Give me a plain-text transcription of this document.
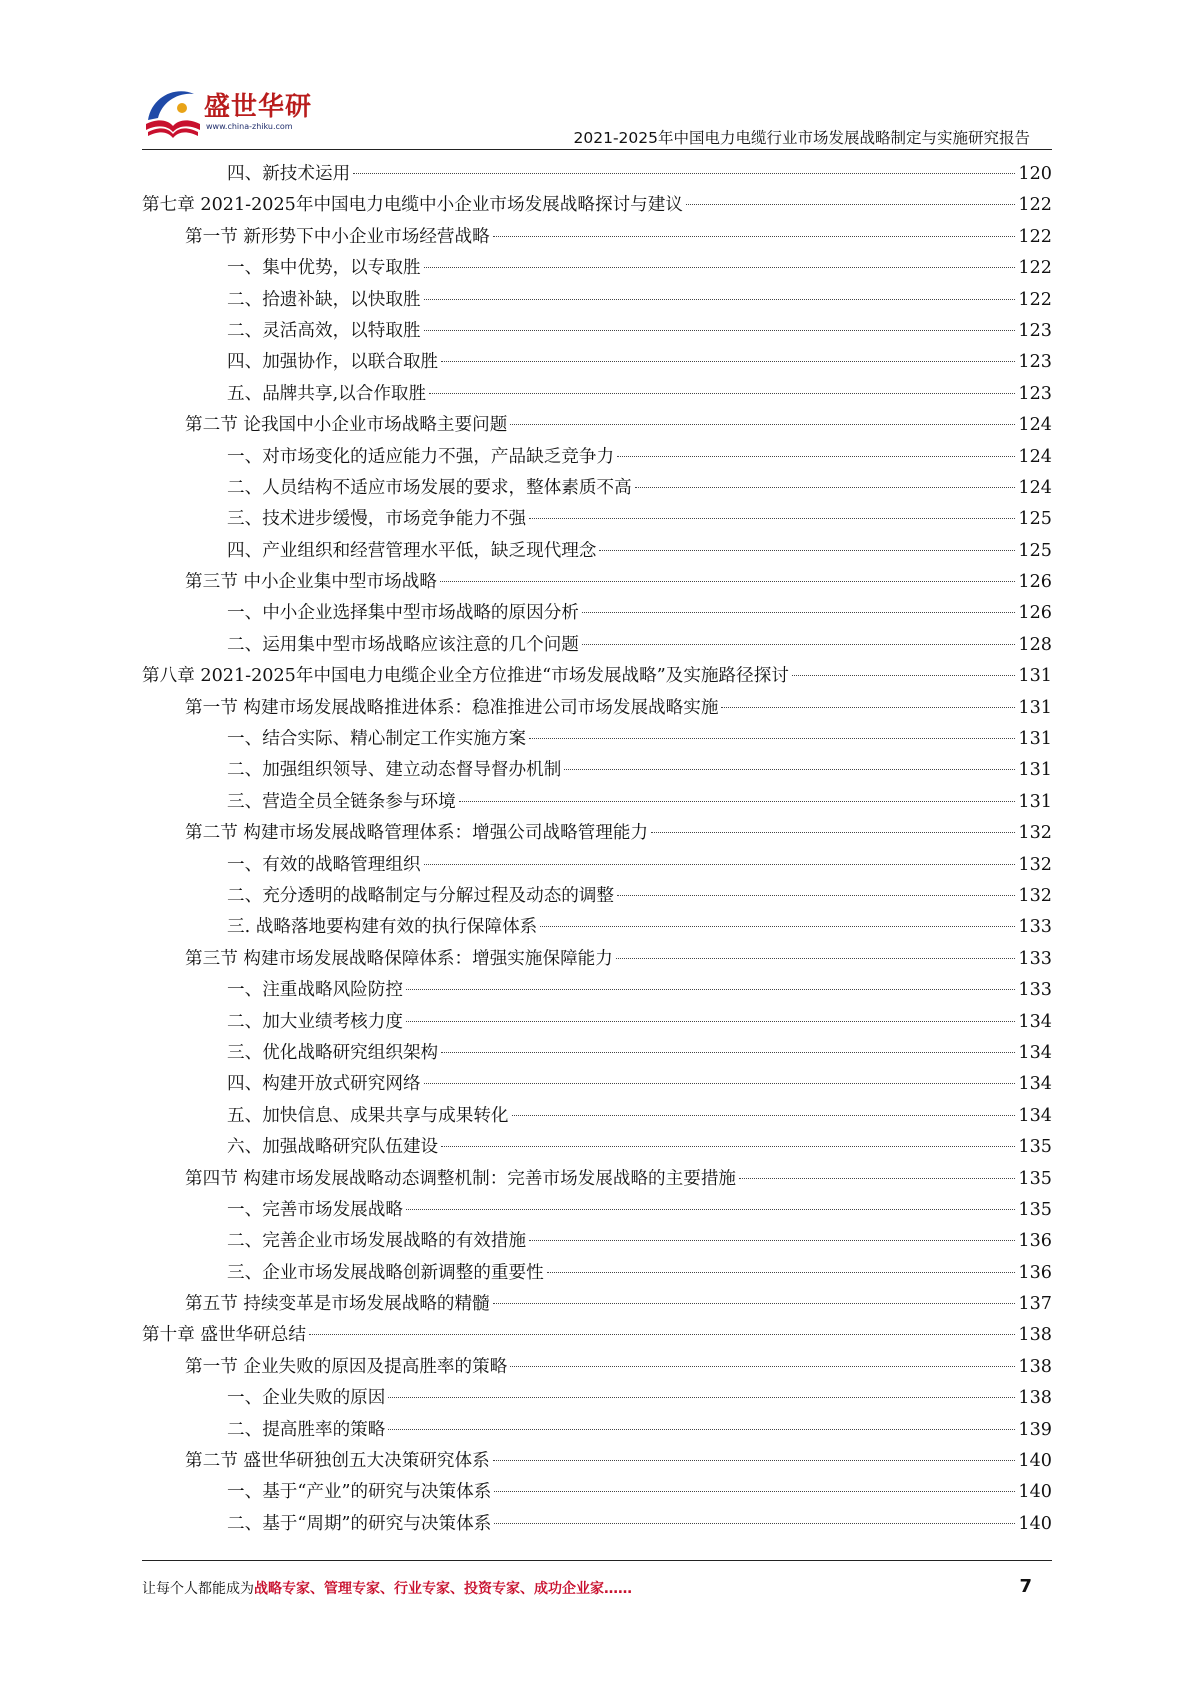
盛世华研
www.china-zhiku.com
2021-2025年中国电力电缆行业市场发展战略制定与实施研究报告
四、新技术运用	120
第七章 2021-2025年中国电力电缆中小企业市场发展战略探讨与建议	122
第一节 新形势下中小企业市场经营战略	122
一、集中优势，以专取胜	122
二、拾遗补缺，以快取胜	122
二、灵活高效，以特取胜	123
四、加强协作，以联合取胜	123
五、品牌共享,以合作取胜	123
第二节 论我国中小企业市场战略主要问题	124
一、对市场变化的适应能力不强，产品缺乏竞争力	124
二、人员结构不适应市场发展的要求，整体素质不高	124
三、技术进步缓慢，市场竞争能力不强	125
四、产业组织和经营管理水平低，缺乏现代理念	125
第三节 中小企业集中型市场战略	126
一、中小企业选择集中型市场战略的原因分析	126
二、运用集中型市场战略应该注意的几个问题	128
第八章 2021-2025年中国电力电缆企业全方位推进“市场发展战略”及实施路径探讨	131
第一节 构建市场发展战略推进体系：稳准推进公司市场发展战略实施	131
一、结合实际、精心制定工作实施方案	131
二、加强组织领导、建立动态督导督办机制	131
三、营造全员全链条参与环境	131
第二节 构建市场发展战略管理体系：增强公司战略管理能力	132
一、有效的战略管理组织	132
二、充分透明的战略制定与分解过程及动态的调整	132
三. 战略落地要构建有效的执行保障体系	133
第三节 构建市场发展战略保障体系：增强实施保障能力	133
一、注重战略风险防控	133
二、加大业绩考核力度	134
三、优化战略研究组织架构	134
四、构建开放式研究网络	134
五、加快信息、成果共享与成果转化	134
六、加强战略研究队伍建设	135
第四节 构建市场发展战略动态调整机制：完善市场发展战略的主要措施	135
一、完善市场发展战略	135
二、完善企业市场发展战略的有效措施	136
三、企业市场发展战略创新调整的重要性	136
第五节 持续变革是市场发展战略的精髓	137
第十章 盛世华研总结	138
第一节 企业失败的原因及提高胜率的策略	138
一、企业失败的原因	138
二、提高胜率的策略	139
第二节 盛世华研独创五大决策研究体系	140
一、基于“产业”的研究与决策体系	140
二、基于“周期”的研究与决策体系	140
让每个人都能成为战略专家、管理专家、行业专家、投资专家、成功企业家……	7
